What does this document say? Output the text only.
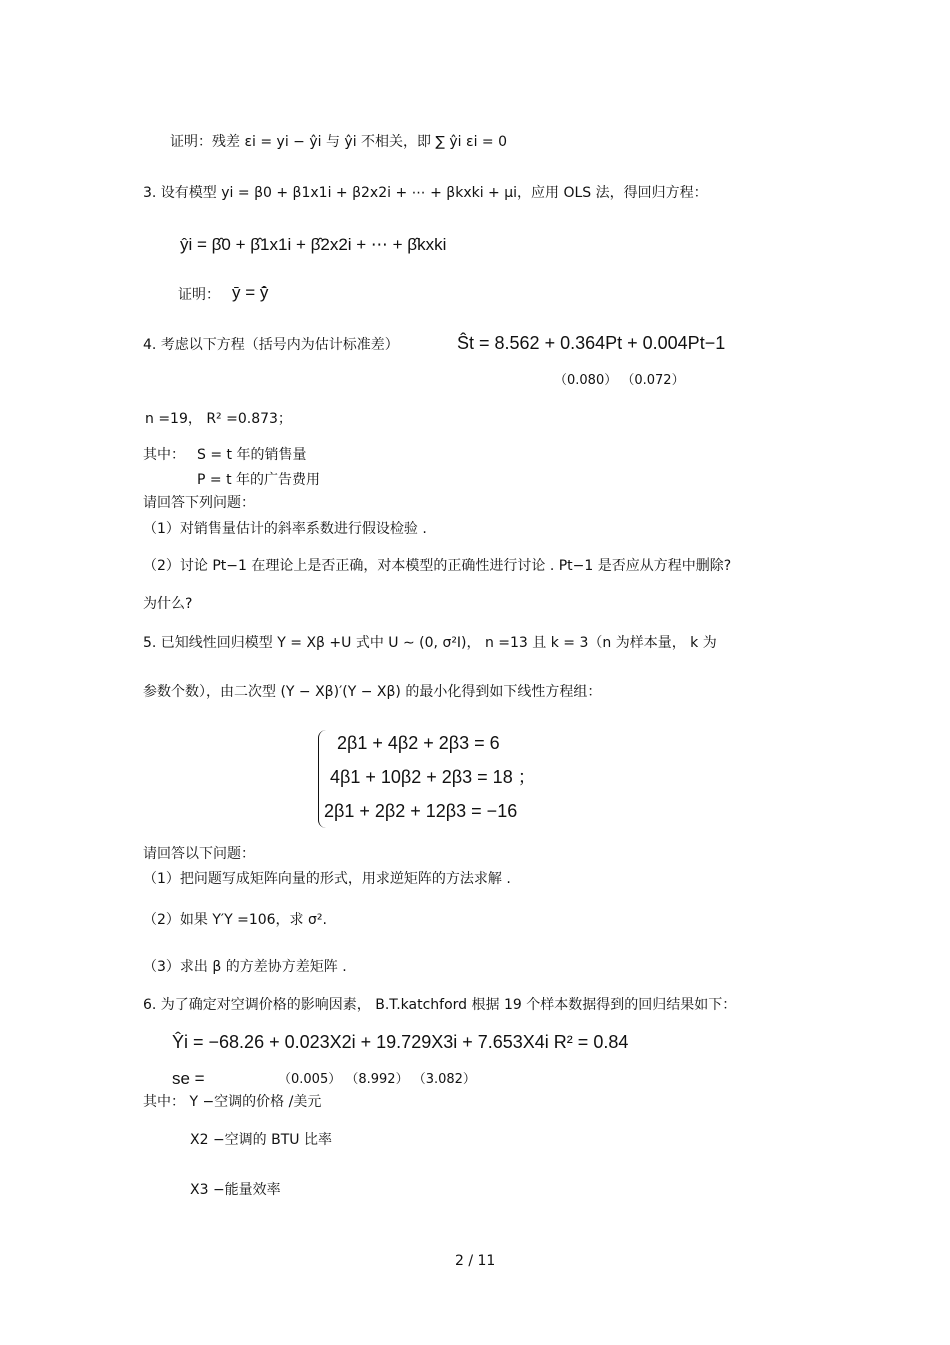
证明：残差 εi = yi − ŷi 与 ŷi 不相关，即 ∑ ŷi εi = 0
3. 设有模型 yi = β0 + β1x1i + β2x2i + ⋯ + βkxki + μi，应用 OLS 法，得回归方程：
ŷi = β̂0 + β̂1x1i + β̂2x2i + ⋯ + β̂kxki
证明： ȳ = ŷ̄
4. 考虑以下方程（括号内为估计标准差）	Ŝt = 8.562 + 0.364Pt + 0.004Pt−1
（0.080） （0.072）
n =19， R² =0.873；
其中： S = t 年的销售量
P = t 年的广告费用
请回答下列问题：
（1）对销售量估计的斜率系数进行假设检验 .
（2）讨论 Pt−1 在理论上是否正确，对本模型的正确性进行讨论 . Pt−1 是否应从方程中删除?
为什么?
5. 已知线性回归模型 Y = Xβ +U 式中 U ∼ (0, σ²I)， n =13 且 k = 3（n 为样本量， k 为
参数个数），由二次型 (Y − Xβ)′(Y − Xβ) 的最小化得到如下线性方程组：
2β1 + 4β2 + 2β3 = 6
4β1 + 10β2 + 2β3 = 18 ；
2β1 + 2β2 + 12β3 = −16
请回答以下问题：
（1）把问题写成矩阵向量的形式，用求逆矩阵的方法求解 .
（2）如果 Y′Y =106，求 σ².
（3）求出 β 的方差协方差矩阵 .
6. 为了确定对空调价格的影响因素， B.T.katchford 根据 19 个样本数据得到的回归结果如下：
Ŷi = −68.26 + 0.023X2i + 19.729X3i + 7.653X4i R² = 0.84
se =	（0.005） （8.992） （3.082）
其中： Y −空调的价格 /美元
X2 −空调的 BTU 比率
X3 −能量效率
2 / 11
